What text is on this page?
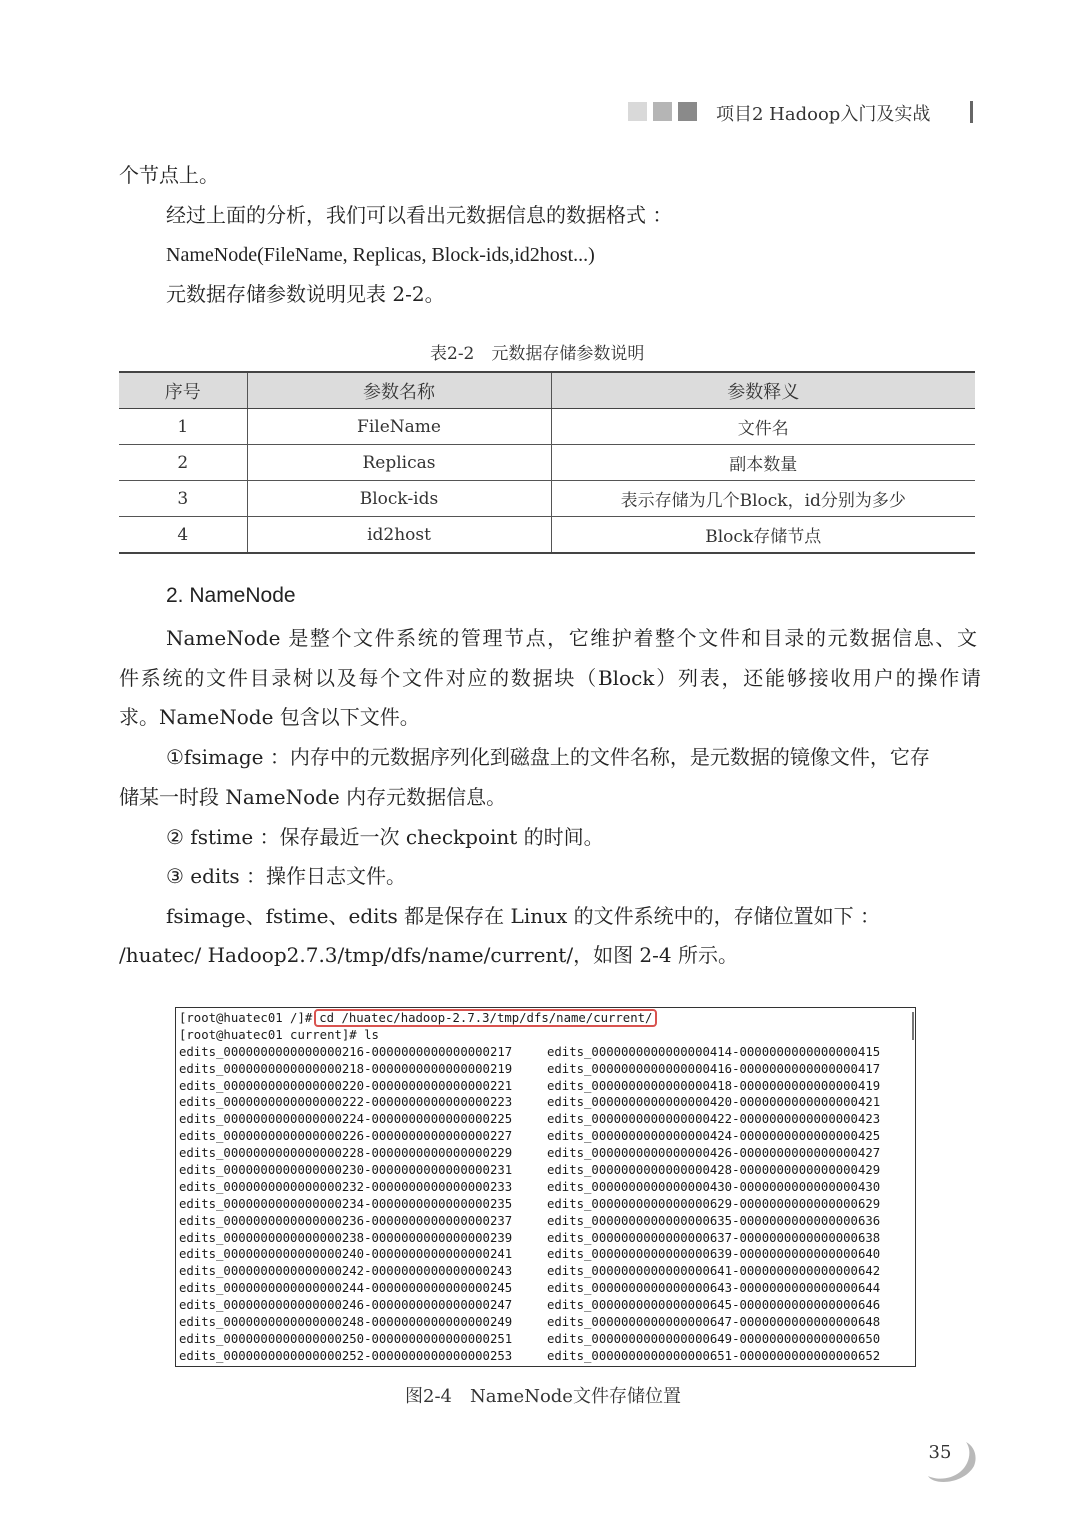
项目2 Hadoop入门及实战
个节点上。
经过上面的分析，我们可以看出元数据信息的数据格式 ：
NameNode(FileName, Replicas, Block-ids,id2host...)
元数据存储参数说明见表 2-2。
表2-2　元数据存储参数说明
序号	参数名称	参数释义
1	FileName	文件名
2	Replicas	副本数量
3	Block-ids	表示存储为几个Block，id分别为多少
4	id2host	Block存储节点
2. NameNode
NameNode 是整个文件系统的管理节点，它维护着整个文件和目录的元数据信息、文
件系统的文件目录树以及每个文件对应的数据块（Block）列表，还能够接收用户的操作请
求。NameNode 包含以下文件。
①fsimage ：内存中的元数据序列化到磁盘上的文件名称，是元数据的镜像文件，它存
储某一时段 NameNode 内存元数据信息。
② fstime ：保存最近一次 checkpoint 的时间。
③ edits ：操作日志文件。
fsimage、fstime、edits 都是保存在 Linux 的文件系统中的，存储位置如下 ：
/huatec/ Hadoop2.7.3/tmp/dfs/name/current/，如图 2-4 所示。
[root@huatec01 /]# cd /huatec/hadoop-2.7.3/tmp/dfs/name/current/
[root@huatec01 current]# ls
edits_0000000000000000216-0000000000000000217
edits_0000000000000000218-0000000000000000219
edits_0000000000000000220-0000000000000000221
edits_0000000000000000222-0000000000000000223
edits_0000000000000000224-0000000000000000225
edits_0000000000000000226-0000000000000000227
edits_0000000000000000228-0000000000000000229
edits_0000000000000000230-0000000000000000231
edits_0000000000000000232-0000000000000000233
edits_0000000000000000234-0000000000000000235
edits_0000000000000000236-0000000000000000237
edits_0000000000000000238-0000000000000000239
edits_0000000000000000240-0000000000000000241
edits_0000000000000000242-0000000000000000243
edits_0000000000000000244-0000000000000000245
edits_0000000000000000246-0000000000000000247
edits_0000000000000000248-0000000000000000249
edits_0000000000000000250-0000000000000000251
edits_0000000000000000252-0000000000000000253
edits_0000000000000000414-0000000000000000415
edits_0000000000000000416-0000000000000000417
edits_0000000000000000418-0000000000000000419
edits_0000000000000000420-0000000000000000421
edits_0000000000000000422-0000000000000000423
edits_0000000000000000424-0000000000000000425
edits_0000000000000000426-0000000000000000427
edits_0000000000000000428-0000000000000000429
edits_0000000000000000430-0000000000000000430
edits_0000000000000000629-0000000000000000629
edits_0000000000000000635-0000000000000000636
edits_0000000000000000637-0000000000000000638
edits_0000000000000000639-0000000000000000640
edits_0000000000000000641-0000000000000000642
edits_0000000000000000643-0000000000000000644
edits_0000000000000000645-0000000000000000646
edits_0000000000000000647-0000000000000000648
edits_0000000000000000649-0000000000000000650
edits_0000000000000000651-0000000000000000652
图2-4　NameNode文件存储位置
35
